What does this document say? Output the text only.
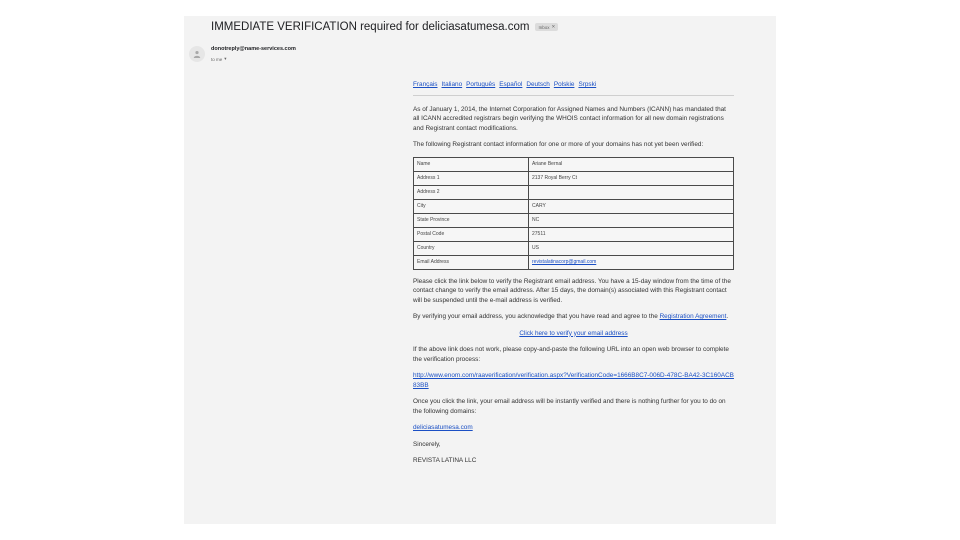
IMMEDIATE VERIFICATION required for deliciasatumesa.com Inbox ✕
donotreply@name-services.com
to me ▾
Français Italiano Português Español Deutsch Polskie Srpski

As of January 1, 2014, the Internet Corporation for Assigned Names and Numbers (ICANN) has mandated that all ICANN accredited registrars begin verifying the WHOIS contact information for all new domain registrations and Registrant contact modifications.

The following Registrant contact information for one or more of your domains has not yet been verified:

Name	Ariane Bernal
Address 1	2137 Royal Berry Ct
Address 2	
City	CARY
State Province	NC
Postal Code	27511
Country	US
Email Address	revistalatinacorp@gmail.com

Please click the link below to verify the Registrant email address. You have a 15-day window from the time of the contact change to verify the email address. After 15 days, the domain(s) associated with this Registrant contact will be suspended until the e-mail address is verified.

By verifying your email address, you acknowledge that you have read and agree to the Registration Agreement.

Click here to verify your email address

If the above link does not work, please copy-and-paste the following URL into an open web browser to complete the verification process:

http://www.enom.com/raaverification/verification.aspx?VerificationCode=1666B8C7-006D-478C-BA42-3C160ACB83BB

Once you click the link, your email address will be instantly verified and there is nothing further for you to do on the following domains:

deliciasatumesa.com

Sincerely,

REVISTA LATINA LLC
